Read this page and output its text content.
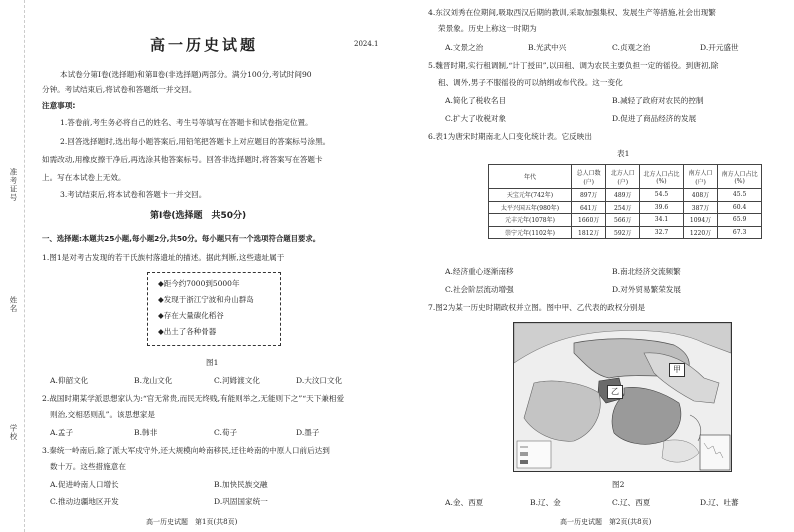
准考证号
姓名
学校
高一历史试题	2024.1
本试卷分第Ⅰ卷(选择题)和第Ⅱ卷(非选择题)两部分。满分100分,考试时间90
分钟。考试结束后,将试卷和答题纸一并交回。
注意事项:
1.答卷前,考生务必将自己的姓名、考生号等填写在答题卡和试卷指定位置。
2.回答选择题时,选出每小题答案后,用铅笔把答题卡上对应题目的答案标号涂黑。
如需改动,用橡皮擦干净后,再选涂其他答案标号。回答非选择题时,将答案写在答题卡
上。写在本试卷上无效。
3.考试结束后,将本试卷和答题卡一并交回。
第Ⅰ卷(选择题　共50分)
一、选择题:本题共25小题,每小题2分,共50分。每小题只有一个选项符合题目要求。
1.图1是对考古发现的若干氏族村落遗址的描述。据此判断,这些遗址属于
◆距今约7000到5000年
◆发现于浙江宁波和舟山群岛
◆存在大量碳化稻谷
◆出土了各种骨器
图1
A.仰韶文化	B.龙山文化	C.河姆渡文化	D.大汶口文化
2.战国时期某学派思想家认为:“官无常贵,而民无终贱,有能则举之,无能则下之”“天下兼相爱
则治,交相恶则乱”。该思想家是
A.孟子	B.韩非	C.荀子	D.墨子
3.秦统一岭南后,除了派大军戍守外,还大规模向岭南移民,迁往岭南的中原人口前后达到
数十万。这些措施意在
A.促进岭南人口增长	B.加快民族交融
C.推动边疆地区开发	D.巩固国家统一
高一历史试题　第1页(共8页)
4.东汉刘秀在位期间,吸取西汉后期的教训,采取加强集权、发展生产等措施,社会出现繁
荣景象。历史上称这一时期为
A.文景之治	B.光武中兴	C.贞观之治	D.开元盛世
5.魏晋时期,实行租调制,“计丁授田”,以田租、调为农民主要负担一定的徭役。到唐初,除
租、调外,男子不服徭役的可以纳绢或布代役。这一变化
A.简化了税收名目	B.减轻了政府对农民的控制
C.扩大了收税对象	D.促进了商品经济的发展
6.表1为唐宋时期南北人口变化统计表。它反映出
表1
年代	总人口数(户)	北方人口(户)	北方人口占比(%)	南方人口(户)	南方人口占比(%)
天宝元年(742年)	897万	489万	54.5	408万	45.5
太平兴国五年(980年)	641万	254万	39.6	387万	60.4
元丰元年(1078年)	1660万	566万	34.1	1094万	65.9
崇宁元年(1102年)	1812万	592万	32.7	1220万	67.3
A.经济重心逐渐南移	B.南北经济交流频繁
C.社会阶层流动增强	D.对外贸易繁荣发展
7.图2为某一历史时期政权并立图。图中甲、乙代表的政权分别是
甲
乙
图2
A.金、西夏	B.辽、金	C.辽、西夏	D.辽、吐蕃
高一历史试题　第2页(共8页)
